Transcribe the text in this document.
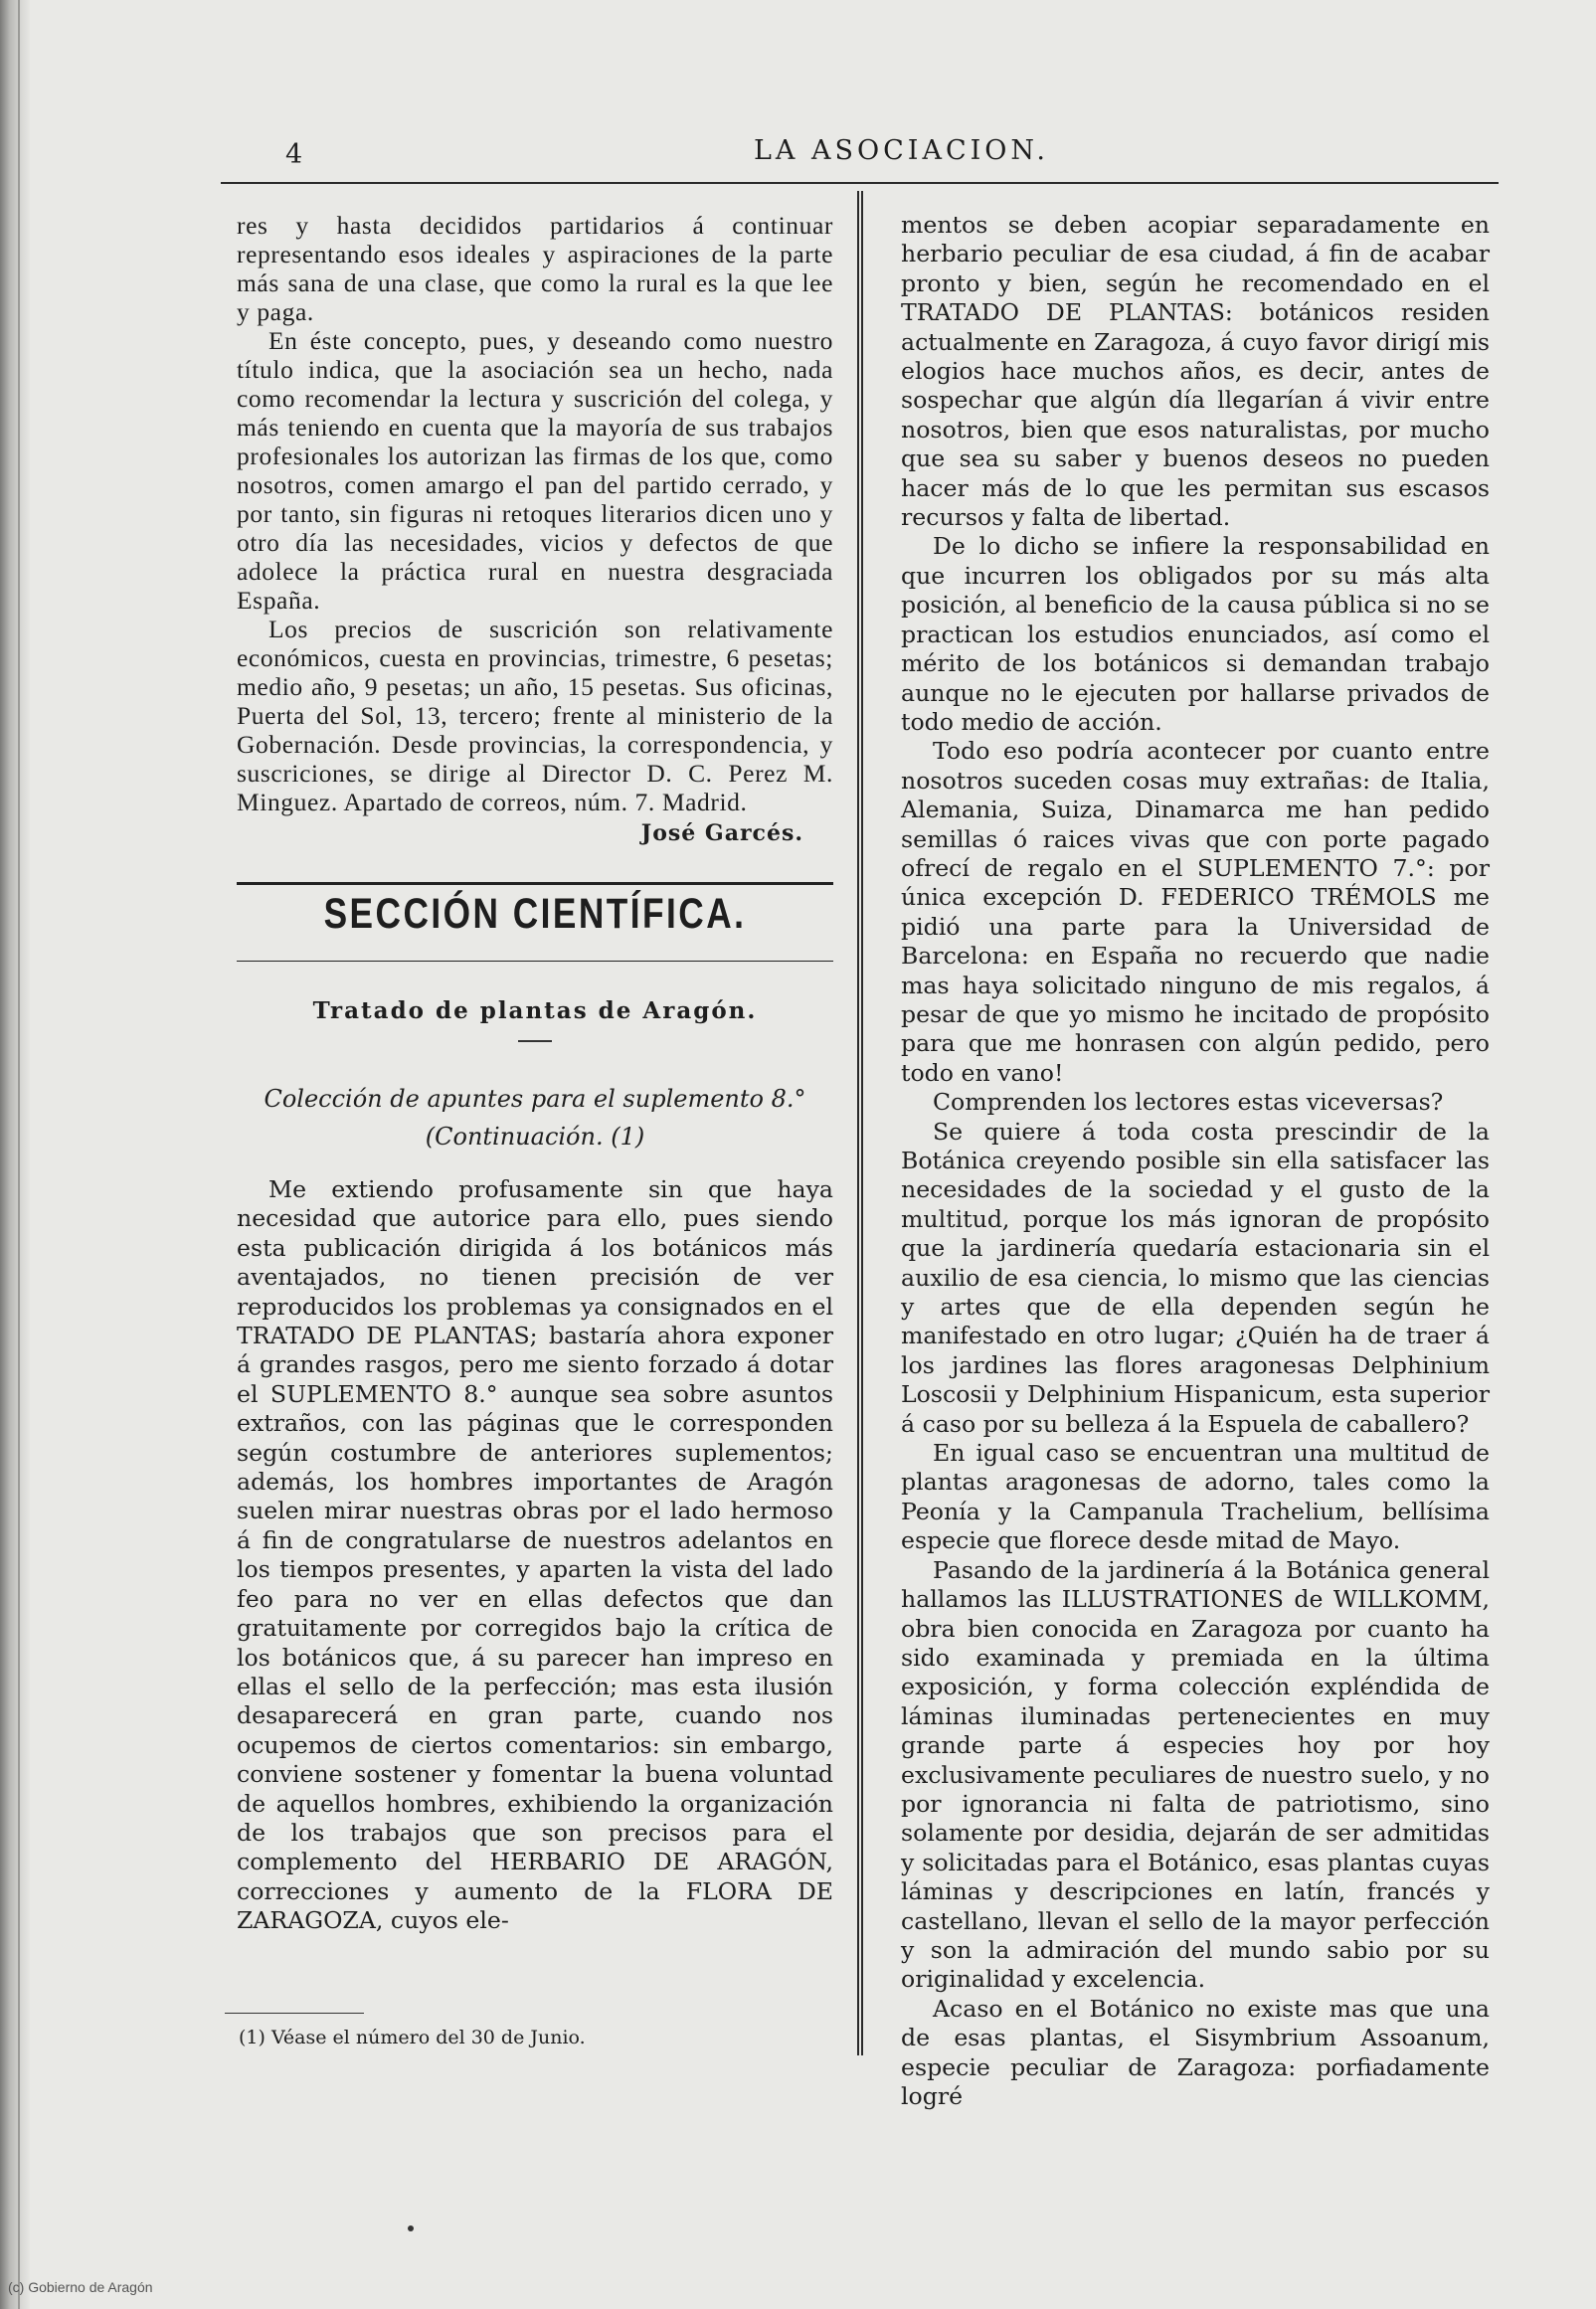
4	LA ASOCIACION.

res y hasta decididos partidarios á continuar representando esos ideales y aspiraciones de la parte más sana de una clase, que como la rural es la que lee y paga.

En éste concepto, pues, y deseando como nuestro título indica, que la asociación sea un hecho, nada como recomendar la lectura y suscrición del colega, y más teniendo en cuenta que la mayoría de sus trabajos profesionales los autorizan las firmas de los que, como nosotros, comen amargo el pan del partido cerrado, y por tanto, sin figuras ni retoques literarios dicen uno y otro día las necesidades, vicios y defectos de que adolece la práctica rural en nuestra desgraciada España.

Los precios de suscrición son relativamente económicos, cuesta en provincias, trimestre, 6 pesetas; medio año, 9 pesetas; un año, 15 pesetas. Sus oficinas, Puerta del Sol, 13, tercero; frente al ministerio de la Gobernación. Desde provincias, la correspondencia, y suscriciones, se dirige al Director D. C. Perez M. Minguez. Apartado de correos, núm. 7. Madrid.

José Garcés.
SECCIÓN CIENTÍFICA.
Tratado de plantas de Aragón.
Colección de apuntes para el suplemento 8.°
(Continuación. (1)

Me extiendo profusamente sin que haya necesidad que autorice para ello, pues siendo esta publicación dirigida á los botánicos más aventajados, no tienen precisión de ver reproducidos los problemas ya consignados en el TRATADO DE PLANTAS; bastaría ahora exponer á grandes rasgos, pero me siento forzado á dotar el SUPLEMENTO 8.° aunque sea sobre asuntos extraños, con las páginas que le corresponden según costumbre de anteriores suplementos; además, los hombres importantes de Aragón suelen mirar nuestras obras por el lado hermoso á fin de congratularse de nuestros adelantos en los tiempos presentes, y aparten la vista del lado feo para no ver en ellas defectos que dan gratuitamente por corregidos bajo la crítica de los botánicos que, á su parecer han impreso en ellas el sello de la perfección; mas esta ilusión desaparecerá en gran parte, cuando nos ocupemos de ciertos comentarios: sin embargo, conviene sostener y fomentar la buena voluntad de aquellos hombres, exhibiendo la organización de los trabajos que son precisos para el complemento del HERBARIO DE ARAGÓN, correcciones y aumento de la FLORA DE ZARAGOZA, cuyos ele-

mentos se deben acopiar separadamente en herbario peculiar de esa ciudad, á fin de acabar pronto y bien, según he recomendado en el TRATADO DE PLANTAS: botánicos residen actualmente en Zaragoza, á cuyo favor dirigí mis elogios hace muchos años, es decir, antes de sospechar que algún día llegarían á vivir entre nosotros, bien que esos naturalistas, por mucho que sea su saber y buenos deseos no pueden hacer más de lo que les permitan sus escasos recursos y falta de libertad.

De lo dicho se infiere la responsabilidad en que incurren los obligados por su más alta posición, al beneficio de la causa pública si no se practican los estudios enunciados, así como el mérito de los botánicos si demandan trabajo aunque no le ejecuten por hallarse privados de todo medio de acción.

Todo eso podría acontecer por cuanto entre nosotros suceden cosas muy extrañas: de Italia, Alemania, Suiza, Dinamarca me han pedido semillas ó raices vivas que con porte pagado ofrecí de regalo en el SUPLEMENTO 7.°: por única excepción D. FEDERICO TRÉMOLS me pidió una parte para la Universidad de Barcelona: en España no recuerdo que nadie mas haya solicitado ninguno de mis regalos, á pesar de que yo mismo he incitado de propósito para que me honrasen con algún pedido, pero todo en vano!

Comprenden los lectores estas viceversas?

Se quiere á toda costa prescindir de la Botánica creyendo posible sin ella satisfacer las necesidades de la sociedad y el gusto de la multitud, porque los más ignoran de propósito que la jardinería quedaría estacionaria sin el auxilio de esa ciencia, lo mismo que las ciencias y artes que de ella dependen según he manifestado en otro lugar; ¿Quién ha de traer á los jardines las flores aragonesas Delphinium Loscosii y Delphinium Hispanicum, esta superior á caso por su belleza á la Espuela de caballero?

En igual caso se encuentran una multitud de plantas aragonesas de adorno, tales como la Peonía y la Campanula Trachelium, bellísima especie que florece desde mitad de Mayo.

Pasando de la jardinería á la Botánica general hallamos las ILLUSTRATIONES de WILLKOMM, obra bien conocida en Zaragoza por cuanto ha sido examinada y premiada en la última exposición, y forma colección expléndida de láminas iluminadas pertenecientes en muy grande parte á especies hoy por hoy exclusivamente peculiares de nuestro suelo, y no por ignorancia ni falta de patriotismo, sino solamente por desidia, dejarán de ser admitidas y solicitadas para el Botánico, esas plantas cuyas láminas y descripciones en latín, francés y castellano, llevan el sello de la mayor perfección y son la admiración del mundo sabio por su originalidad y excelencia.

Acaso en el Botánico no existe mas que una de esas plantas, el Sisymbrium Assoanum, especie peculiar de Zaragoza: porfiadamente logré

(1) Véase el número del 30 de Junio.
(c) Gobierno de Aragón
